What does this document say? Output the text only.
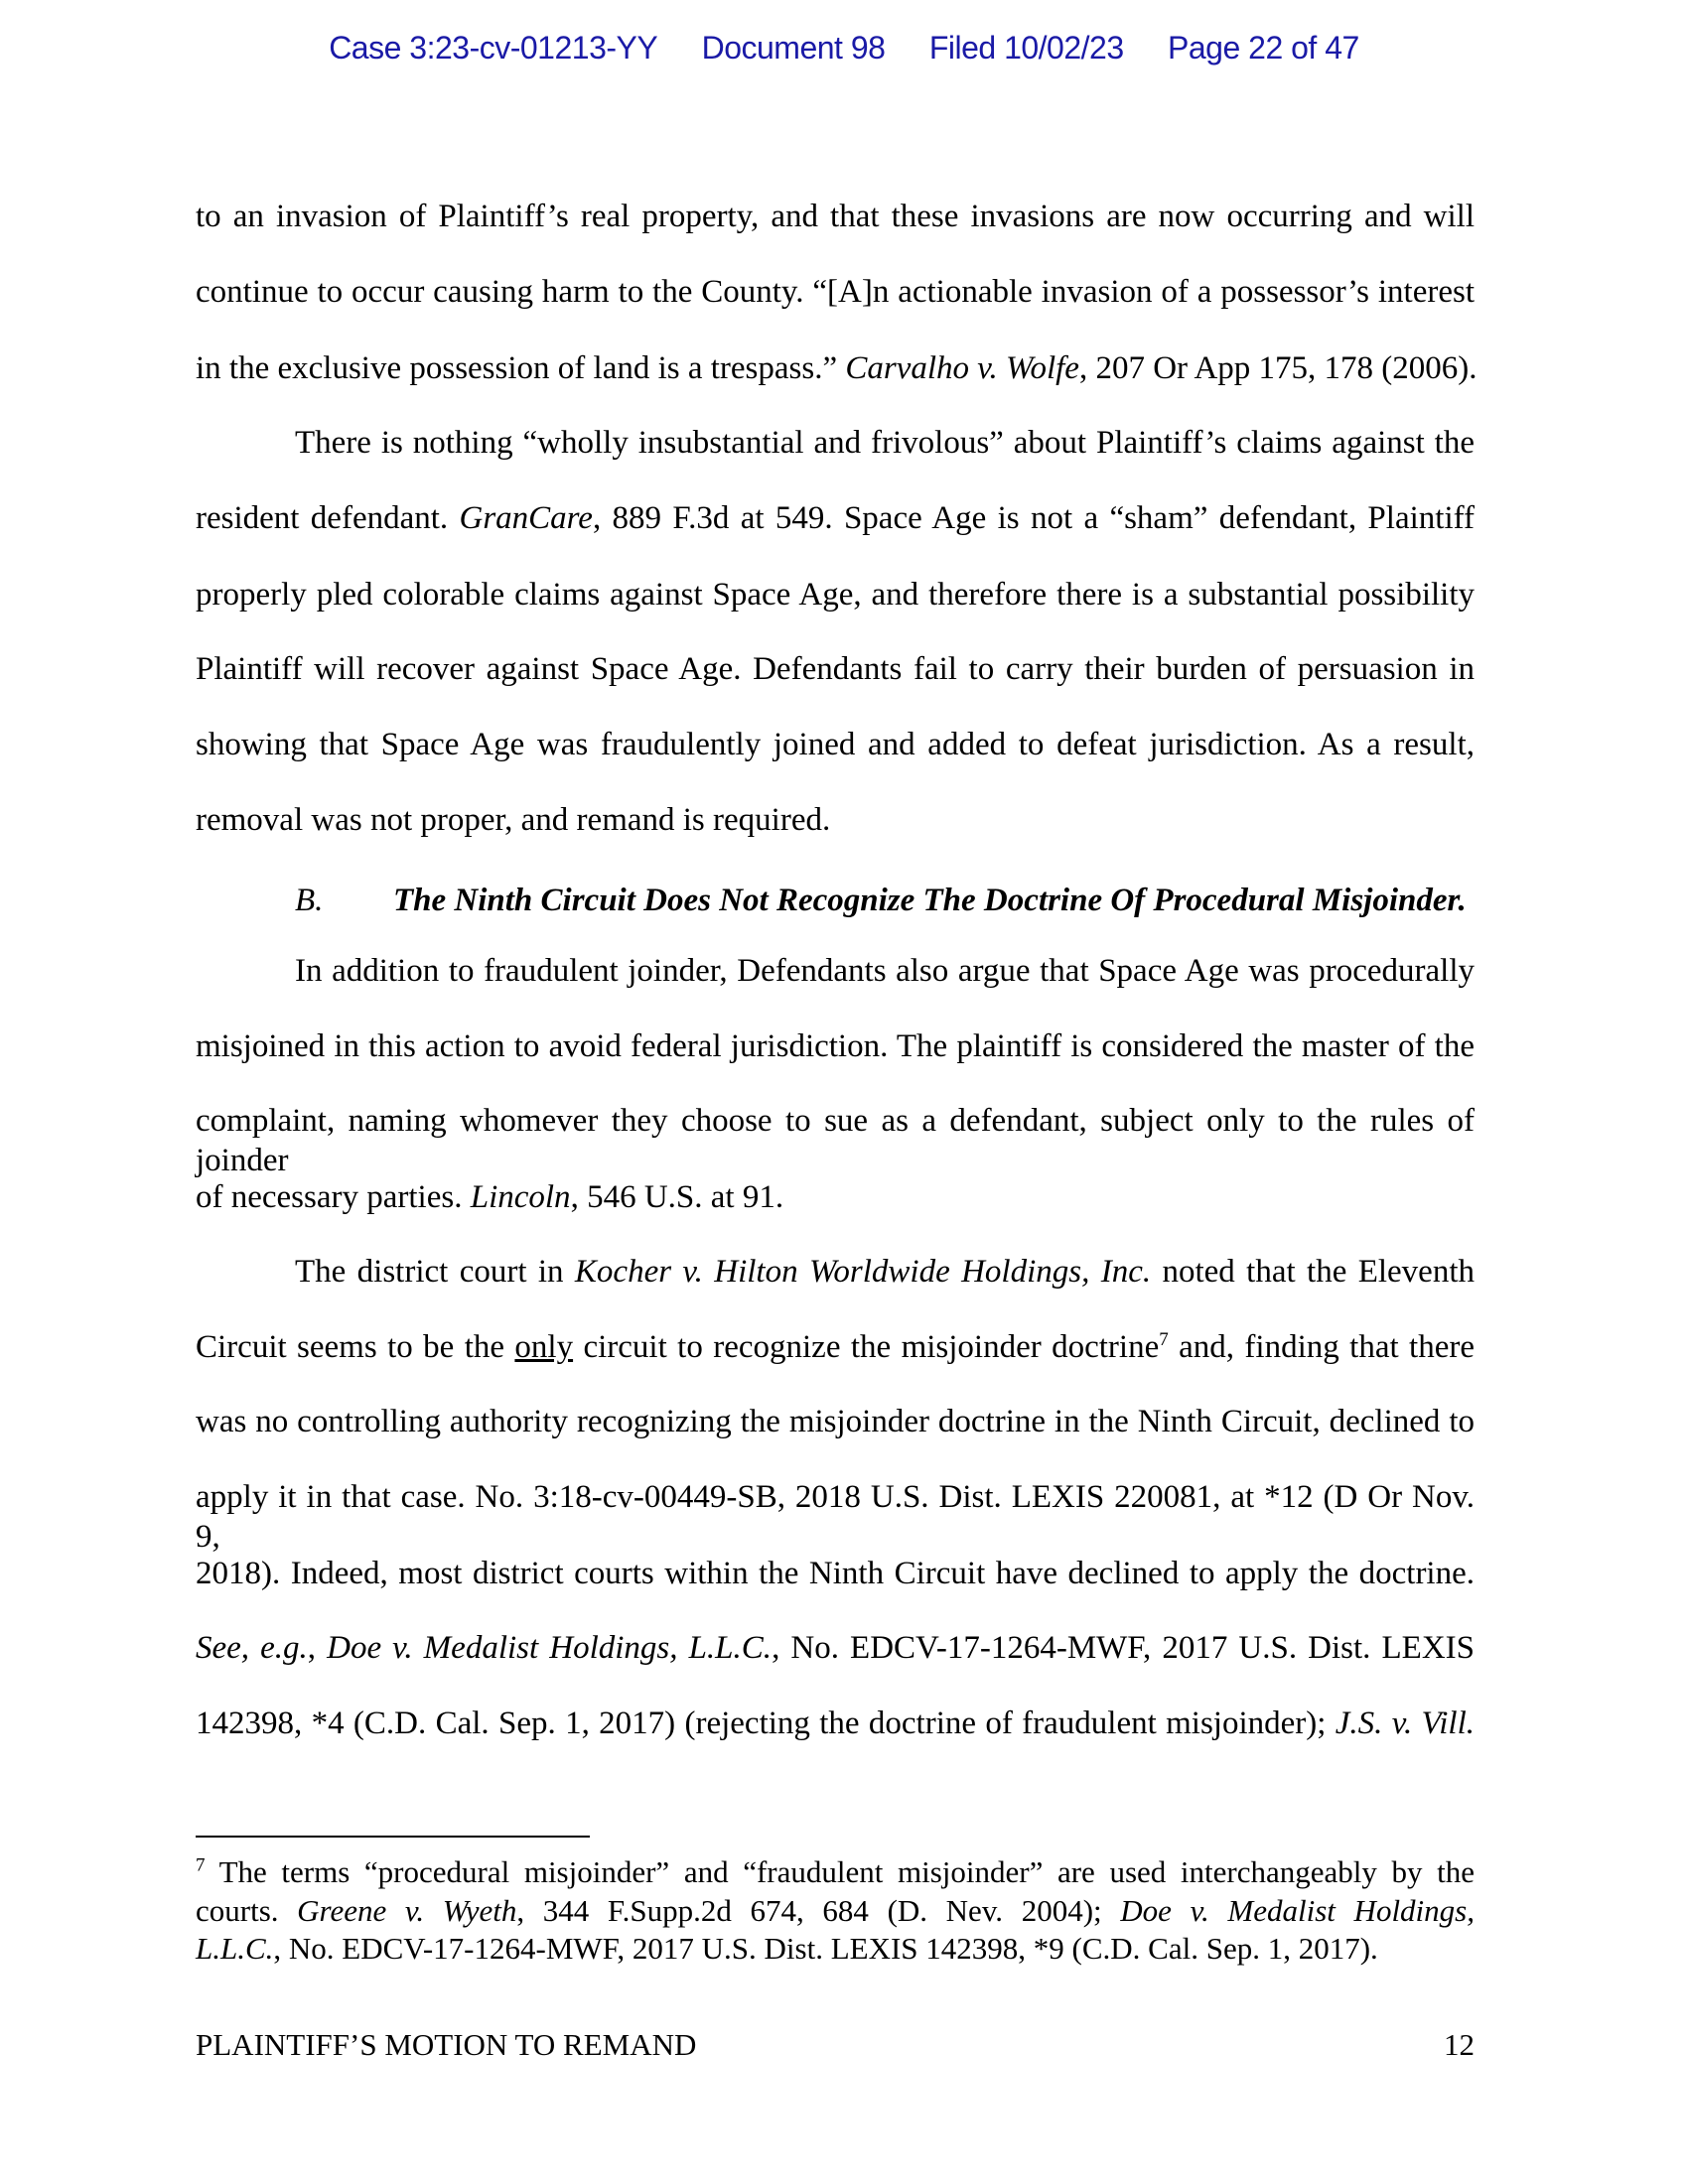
Case 3:23-cv-01213-YY Document 98 Filed 10/02/23 Page 22 of 47
to an invasion of Plaintiff’s real property, and that these invasions are now occurring and will
continue to occur causing harm to the County. “[A]n actionable invasion of a possessor’s interest
in the exclusive possession of land is a trespass.” Carvalho v. Wolfe, 207 Or App 175, 178 (2006).
There is nothing “wholly insubstantial and frivolous” about Plaintiff’s claims against the
resident defendant. GranCare, 889 F.3d at 549. Space Age is not a “sham” defendant, Plaintiff
properly pled colorable claims against Space Age, and therefore there is a substantial possibility
Plaintiff will recover against Space Age. Defendants fail to carry their burden of persuasion in
showing that Space Age was fraudulently joined and added to defeat jurisdiction. As a result,
removal was not proper, and remand is required.
In addition to fraudulent joinder, Defendants also argue that Space Age was procedurally
misjoined in this action to avoid federal jurisdiction. The plaintiff is considered the master of the
complaint, naming whomever they choose to sue as a defendant, subject only to the rules of joinder
of necessary parties. Lincoln, 546 U.S. at 91.
The district court in Kocher v. Hilton Worldwide Holdings, Inc. noted that the Eleventh
Circuit seems to be the only circuit to recognize the misjoinder doctrine$^7$ and, finding that there
was no controlling authority recognizing the misjoinder doctrine in the Ninth Circuit, declined to
apply it in that case. No. 3:18-cv-00449-SB, 2018 U.S. Dist. LEXIS 220081, at *12 (D Or Nov. 9,
2018). Indeed, most district courts within the Ninth Circuit have declined to apply the doctrine.
See, e.g., Doe v. Medalist Holdings, L.L.C., No. EDCV-17-1264-MWF, 2017 U.S. Dist. LEXIS
142398, *4 (C.D. Cal. Sep. 1, 2017) (rejecting the doctrine of fraudulent misjoinder); J.S. v. Vill.
B. The Ninth Circuit Does Not Recognize The Doctrine Of Procedural Misjoinder.
$^7$ The terms “procedural misjoinder” and “fraudulent misjoinder” are used interchangeably by the
courts. Greene v. Wyeth, 344 F.Supp.2d 674, 684 (D. Nev. 2004); Doe v. Medalist Holdings,
L.L.C., No. EDCV-17-1264-MWF, 2017 U.S. Dist. LEXIS 142398, *9 (C.D. Cal. Sep. 1, 2017).
PLAINTIFF’S MOTION TO REMAND	12
